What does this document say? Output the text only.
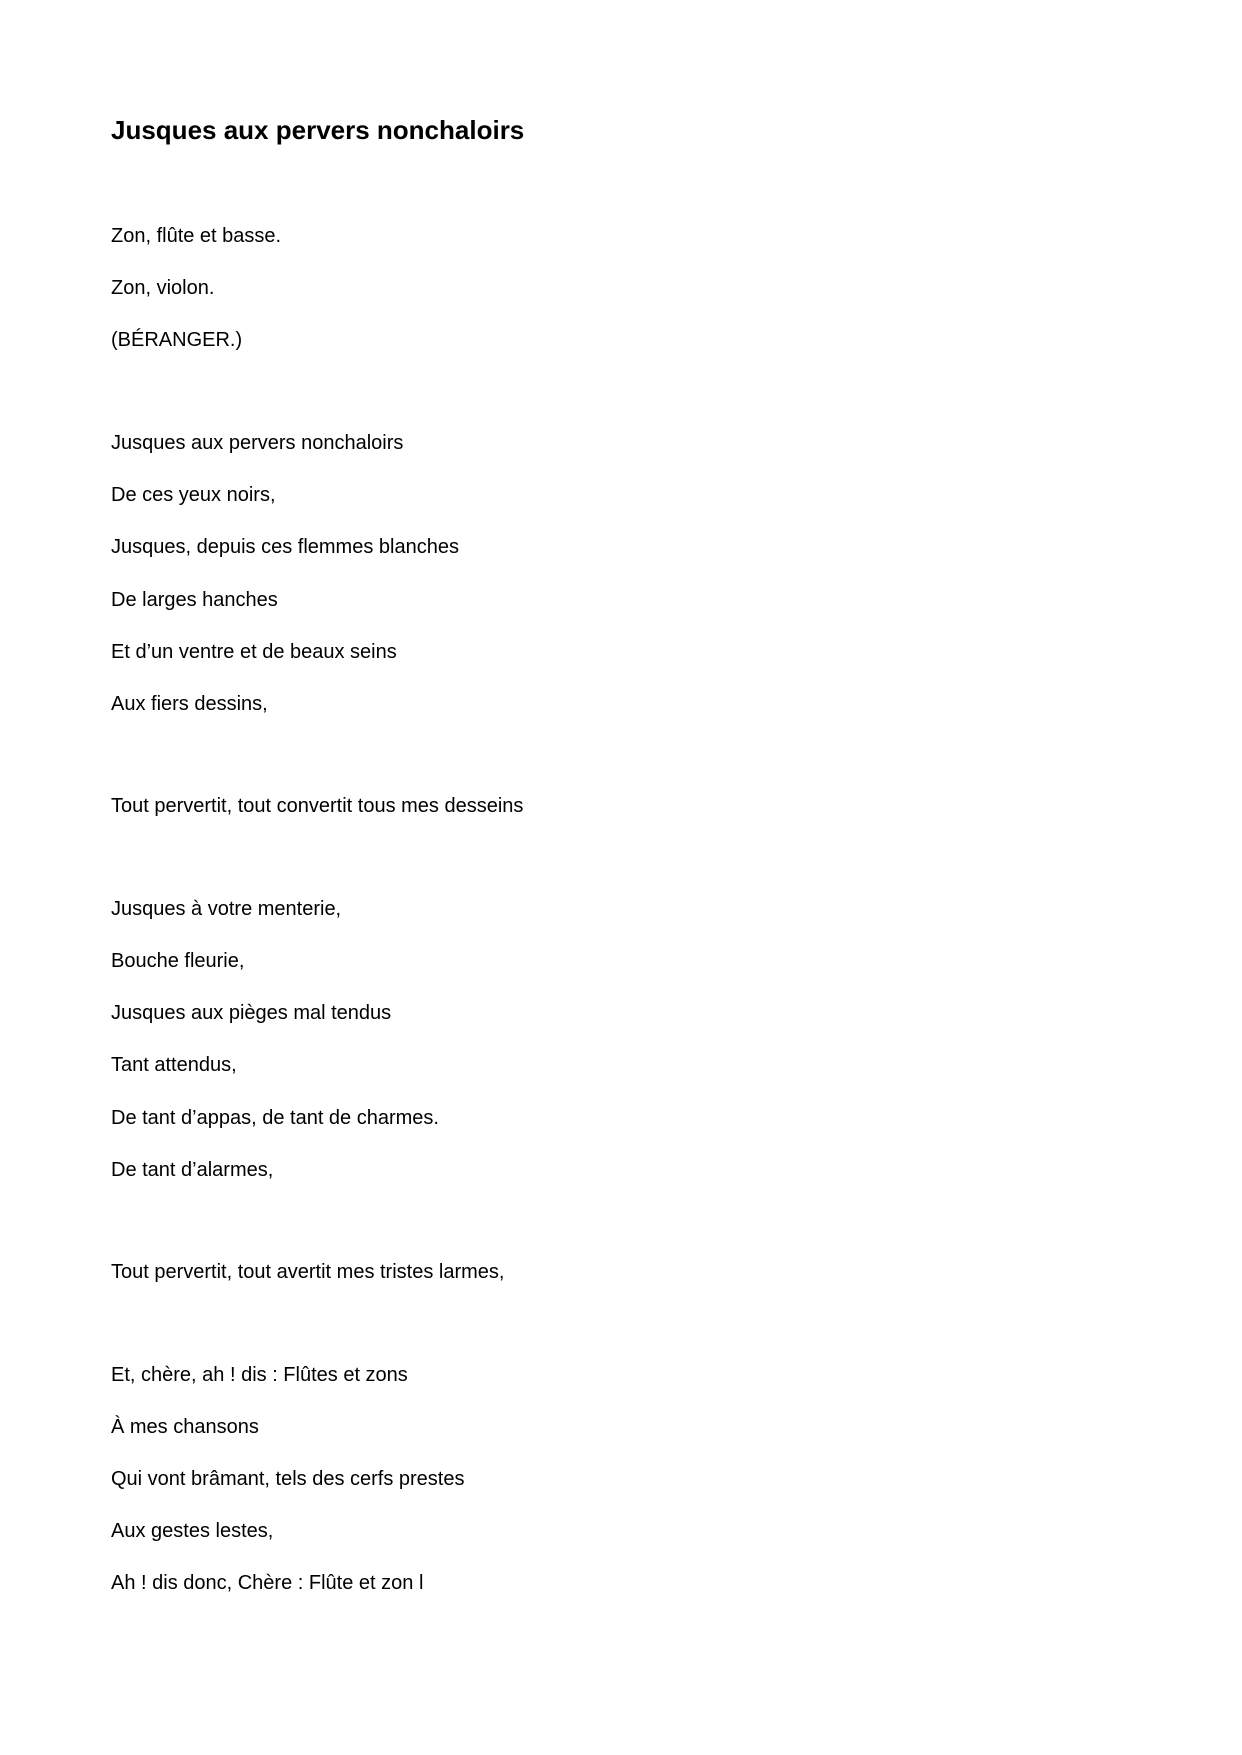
Jusques aux pervers nonchaloirs

Zon, flûte et basse.

Zon, violon.

(BÉRANGER.)

Jusques aux pervers nonchaloirs

De ces yeux noirs,

Jusques, depuis ces flemmes blanches

De larges hanches

Et d’un ventre et de beaux seins

Aux fiers dessins,

Tout pervertit, tout convertit tous mes desseins

Jusques à votre menterie,

Bouche fleurie,

Jusques aux pièges mal tendus

Tant attendus,

De tant d’appas, de tant de charmes.

De tant d’alarmes,

Tout pervertit, tout avertit mes tristes larmes,

Et, chère, ah ! dis : Flûtes et zons

À mes chansons

Qui vont brâmant, tels des cerfs prestes

Aux gestes lestes,

Ah ! dis donc, Chère : Flûte et zon l
